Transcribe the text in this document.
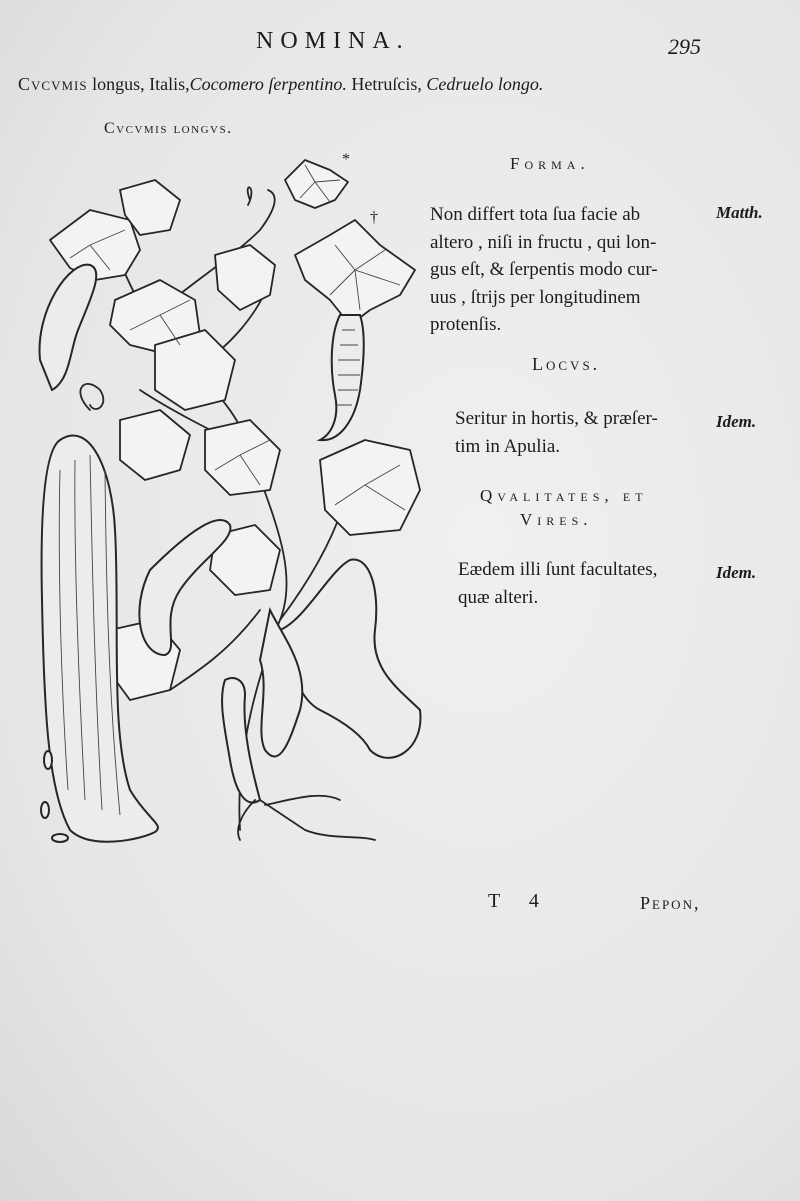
NOMINA.	295
Cvcvmis longus, Italis,Cocomero ſerpentino. Hetruſcis, Cedruelo longo.
Cvcvmis longvs.
*
†
Forma.
Non differt tota ſua facie ab
altero , niſi in fructu , qui lon-
gus eſt, & ſerpentis modo cur-
uus , ſtrijs per longitudinem
protenſis.
Matth.
Locvs.
Seritur in hortis, & præſer-
tim in Apulia.
Idem.
Qvalitates, et
Vires.
Eædem illi ſunt facultates,
quæ alteri.
Idem.
T 4	Pepon,
